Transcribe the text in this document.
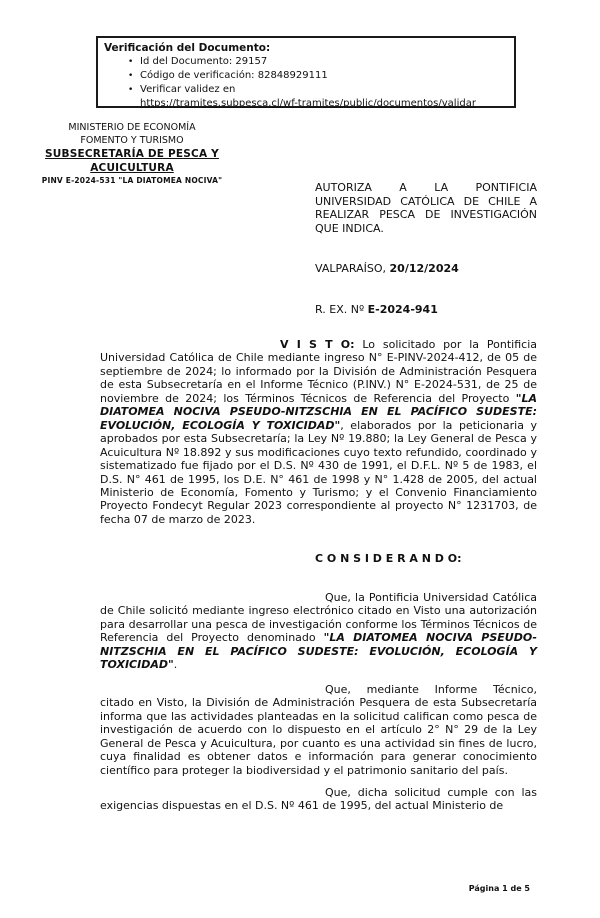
Verificación del Documento:
• Id del Documento: 29157
• Código de verificación: 82848929111
• Verificar validez en
https://tramites.subpesca.cl/wf-tramites/public/documentos/validar
MINISTERIO DE ECONOMÍA
FOMENTO Y TURISMO
SUBSECRETARÍA DE PESCA Y ACUICULTURA
PINV E-2024-531 "LA DIATOMEA NOCIVA"
AUTORIZA A LA PONTIFICIA UNIVERSIDAD CATÓLICA DE CHILE A REALIZAR PESCA DE INVESTIGACIÓN QUE INDICA.
VALPARAÍSO, 20/12/2024
R. EX. Nº E-2024-941

V I S T O: Lo solicitado por la Pontificia Universidad Católica de Chile mediante ingreso N° E-PINV-2024-412, de 05 de septiembre de 2024; lo informado por la División de Administración Pesquera de esta Subsecretaría en el Informe Técnico (P.INV.) N° E-2024-531, de 25 de noviembre de 2024; los Términos Técnicos de Referencia del Proyecto "LA DIATOMEA NOCIVA PSEUDO-NITZSCHIA EN EL PACÍFICO SUDESTE: EVOLUCIÓN, ECOLOGÍA Y TOXICIDAD", elaborados por la peticionaria y aprobados por esta Subsecretaría; la Ley Nº 19.880; la Ley General de Pesca y Acuicultura Nº 18.892 y sus modificaciones cuyo texto refundido, coordinado y sistematizado fue fijado por el D.S. Nº 430 de 1991, el D.F.L. Nº 5 de 1983, el D.S. N° 461 de 1995, los D.E. N° 461 de 1998 y N° 1.428 de 2005, del actual Ministerio de Economía, Fomento y Turismo; y el Convenio Financiamiento Proyecto Fondecyt Regular 2023 correspondiente al proyecto N° 1231703, de fecha 07 de marzo de 2023.

C O N S I D E R A N D O:

Que, la Pontificia Universidad Católica de Chile solicitó mediante ingreso electrónico citado en Visto una autorización para desarrollar una pesca de investigación conforme los Términos Técnicos de Referencia del Proyecto denominado "LA DIATOMEA NOCIVA PSEUDO-NITZSCHIA EN EL PACÍFICO SUDESTE: EVOLUCIÓN, ECOLOGÍA Y TOXICIDAD".

Que, mediante Informe Técnico, citado en Visto, la División de Administración Pesquera de esta Subsecretaría informa que las actividades planteadas en la solicitud califican como pesca de investigación de acuerdo con lo dispuesto en el artículo 2° N° 29 de la Ley General de Pesca y Acuicultura, por cuanto es una actividad sin fines de lucro, cuya finalidad es obtener datos e información para generar conocimiento científico para proteger la biodiversidad y el patrimonio sanitario del país.

Que, dicha solicitud cumple con las exigencias dispuestas en el D.S. Nº 461 de 1995, del actual Ministerio de

Página 1 de 5
